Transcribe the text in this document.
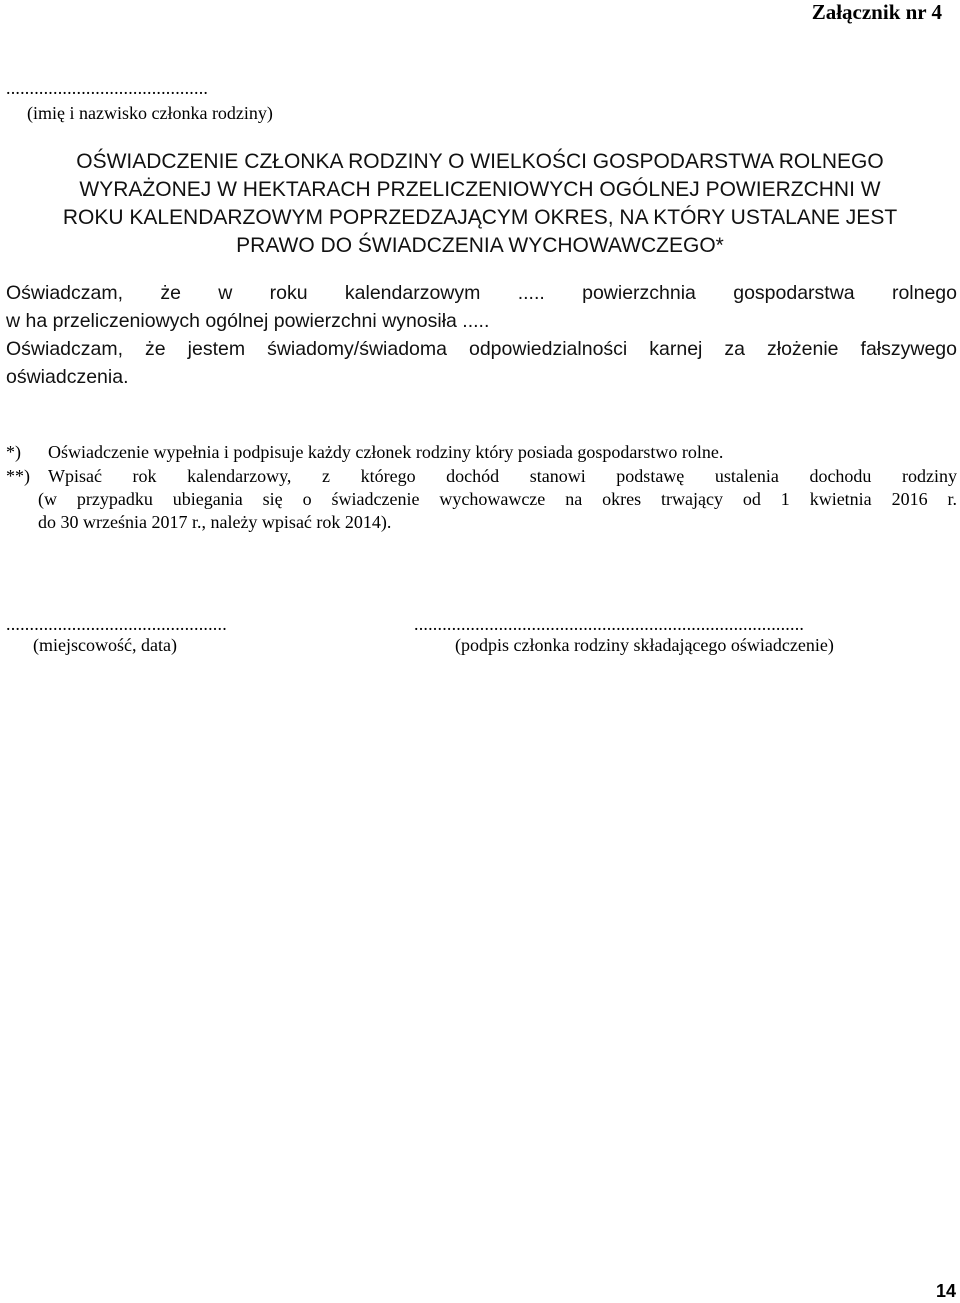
Załącznik nr 4
...........................................
(imię i nazwisko członka rodziny)
OŚWIADCZENIE CZŁONKA RODZINY O WIELKOŚCI GOSPODARSTWA ROLNEGO
WYRAŻONEJ W HEKTARACH PRZELICZENIOWYCH OGÓLNEJ POWIERZCHNI W
ROKU KALENDARZOWYM POPRZEDZAJĄCYM OKRES, NA KTÓRY USTALANE JEST
PRAWO DO ŚWIADCZENIA WYCHOWAWCZEGO*
Oświadczam, że w roku kalendarzowym ..... powierzchnia gospodarstwa rolnego
w ha przeliczeniowych ogólnej powierzchni wynosiła .....
Oświadczam, że jestem świadomy/świadoma odpowiedzialności karnej za złożenie fałszywego
oświadczenia.
*) Oświadczenie wypełnia i podpisuje każdy członek rodziny który posiada gospodarstwo rolne.
**) Wpisać rok kalendarzowy, z którego dochód stanowi podstawę ustalenia dochodu rodziny
(w przypadku ubiegania się o świadczenie wychowawcze na okres trwający od 1 kwietnia 2016 r.
do 30 września 2017 r., należy wpisać rok 2014).
...............................................
(miejscowość, data)
...................................................................................
(podpis członka rodziny składającego oświadczenie)
14
